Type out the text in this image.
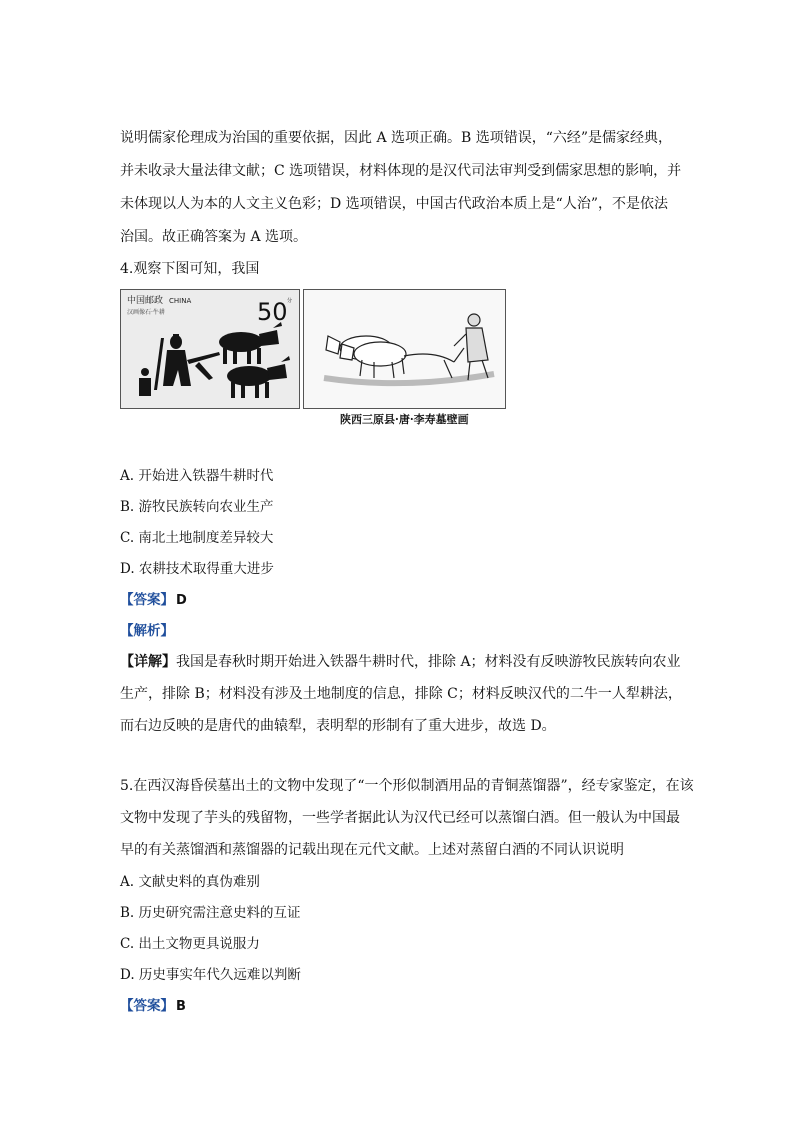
说明儒家伦理成为治国的重要依据，因此 A 选项正确。B 选项错误，“六经”是儒家经典，
并未收录大量法律文献；C 选项错误，材料体现的是汉代司法审判受到儒家思想的影响，并
未体现以人为本的人文主义色彩；D 选项错误，中国古代政治本质上是“人治”，不是依法
治国。故正确答案为 A 选项。
4.观察下图可知，我国
中国邮政 CHINA
汉画像石·牛耕	50 分
陕西三原县·唐·李寿墓壁画
A. 开始进入铁器牛耕时代
B. 游牧民族转向农业生产
C. 南北土地制度差异较大
D. 农耕技术取得重大进步
【答案】 D
【解析】
【详解】我国是春秋时期开始进入铁器牛耕时代，排除 A；材料没有反映游牧民族转向农业
生产，排除 B；材料没有涉及土地制度的信息，排除 C；材料反映汉代的二牛一人犁耕法，
而右边反映的是唐代的曲辕犁，表明犁的形制有了重大进步，故选 D。
5.在西汉海昏侯墓出土的文物中发现了“一个形似制酒用品的青铜蒸馏器”，经专家鉴定，在该
文物中发现了芋头的残留物，一些学者据此认为汉代已经可以蒸馏白酒。但一般认为中国最
早的有关蒸馏酒和蒸馏器的记载出现在元代文献。上述对蒸留白酒的不同认识说明
A. 文献史料的真伪难别
B. 历史研究需注意史料的互证
C. 出土文物更具说服力
D. 历史事实年代久远难以判断
【答案】 B
